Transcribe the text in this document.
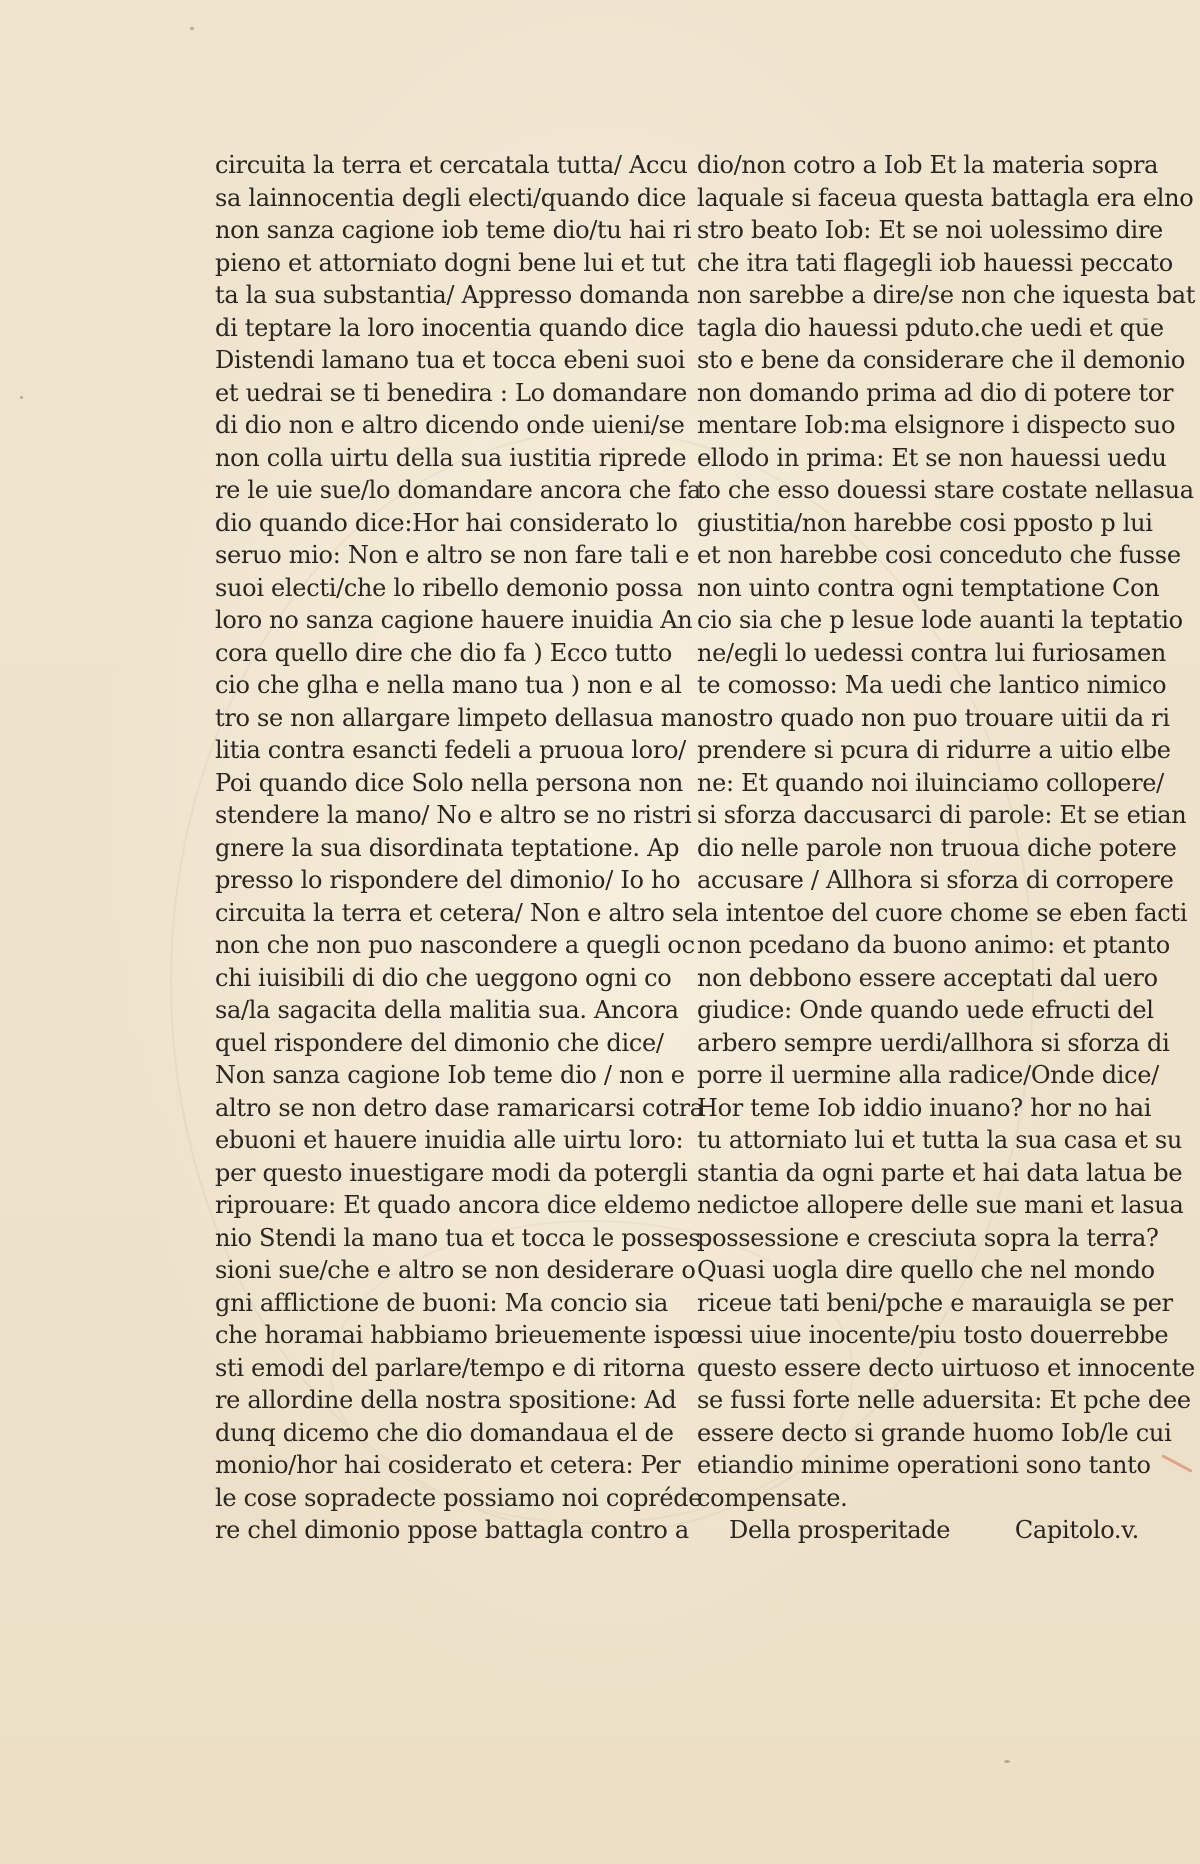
circuita la terra et cercatala tutta/ Accu
sa lainnocentia degli electi/quando dice
non sanza cagione iob teme dio/tu hai ri
pieno et attorniato dogni bene lui et tut
ta la sua substantia/ Appresso domanda
di teptare la loro inocentia quando dice
Distendi lamano tua et tocca ebeni suoi
et uedrai se ti benedira : Lo domandare
di dio non e altro dicendo onde uieni/se
non colla uirtu della sua iustitia riprede
re le uie sue/lo domandare ancora che fa
dio quando dice:Hor hai considerato lo
seruo mio: Non e altro se non fare tali e
suoi electi/che lo ribello demonio possa
loro no sanza cagione hauere inuidia An
cora quello dire che dio fa ) Ecco tutto
cio che glha e nella mano tua ) non e al
tro se non allargare limpeto dellasua ma
litia contra esancti fedeli a pruoua loro/
Poi quando dice Solo nella persona non
stendere la mano/ No e altro se no ristri
gnere la sua disordinata teptatione. Ap
presso lo rispondere del dimonio/ Io ho
circuita la terra et cetera/ Non e altro se
non che non puo nascondere a quegli oc
chi iuisibili di dio che ueggono ogni co
sa/la sagacita della malitia sua. Ancora
quel rispondere del dimonio che dice/
Non sanza cagione Iob teme dio / non e
altro se non detro dase ramaricarsi cotra
ebuoni et hauere inuidia alle uirtu loro:
per questo inuestigare modi da potergli
riprouare: Et quado ancora dice eldemo
nio Stendi la mano tua et tocca le posses
sioni sue/che e altro se non desiderare o
gni afflictione de buoni: Ma concio sia
che horamai habbiamo brieuemente ispo
sti emodi del parlare/tempo e di ritorna
re allordine della nostra spositione: Ad
dunq dicemo che dio domandaua el de
monio/hor hai cosiderato et cetera: Per
le cose sopradecte possiamo noi copréde
re chel dimonio ppose battagla contro a
dio/non cotro a Iob Et la materia sopra
laquale si faceua questa battagla era elno
stro beato Iob: Et se noi uolessimo dire
che itra tati flagegli iob hauessi peccato
non sarebbe a dire/se non che iquesta bat
tagla dio hauessi pduto.che uedi et que
sto e bene da considerare che il demonio
non domando prima ad dio di potere tor
mentare Iob:ma elsignore i dispecto suo
ellodo in prima: Et se non hauessi uedu
to che esso douessi stare costate nellasua
giustitia/non harebbe cosi pposto p lui
et non harebbe cosi conceduto che fusse
non uinto contra ogni temptatione Con
cio sia che p lesue lode auanti la teptatio
ne/egli lo uedessi contra lui furiosamen
te comosso: Ma uedi che lantico nimico
nostro quado non puo trouare uitii da ri
prendere si pcura di ridurre a uitio elbe
ne: Et quando noi iluinciamo collopere/
si sforza daccusarci di parole: Et se etian
dio nelle parole non truoua diche potere
accusare / Allhora si sforza di corropere
la intentoe del cuore chome se eben facti
non pcedano da buono animo: et ptanto
non debbono essere acceptati dal uero
giudice: Onde quando uede efructi del
arbero sempre uerdi/allhora si sforza di
porre il uermine alla radice/Onde dice/
Hor teme Iob iddio inuano? hor no hai
tu attorniato lui et tutta la sua casa et su
stantia da ogni parte et hai data latua be
nedictoe allopere delle sue mani et lasua
possessione e cresciuta sopra la terra?
Quasi uogla dire quello che nel mondo
riceue tati beni/pche e marauigla se per
essi uiue inocente/piu tosto douerrebbe
questo essere decto uirtuoso et innocente
se fussi forte nelle aduersita: Et pche dee
essere decto si grande huomo Iob/le cui
etiandio minime operationi sono tanto
compensate.
Della prosperitade	Capitolo.v.
